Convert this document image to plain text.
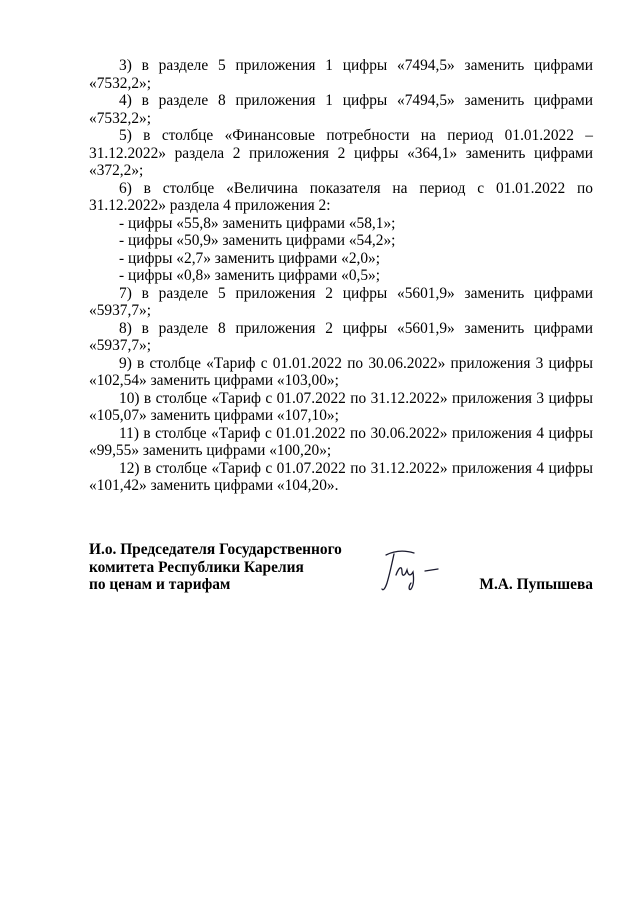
3) в разделе 5 приложения 1 цифры «7494,5» заменить цифрами «7532,2»;

4) в разделе 8 приложения 1 цифры «7494,5» заменить цифрами «7532,2»;

5) в столбце «Финансовые потребности на период 01.01.2022 – 31.12.2022» раздела 2 приложения 2 цифры «364,1» заменить цифрами «372,2»;

6) в столбце «Величина показателя на период с 01.01.2022 по 31.12.2022» раздела 4 приложения 2:

- цифры «55,8» заменить цифрами «58,1»;

- цифры «50,9» заменить цифрами «54,2»;

- цифры «2,7» заменить цифрами «2,0»;

- цифры «0,8» заменить цифрами «0,5»;

7) в разделе 5 приложения 2 цифры «5601,9» заменить цифрами «5937,7»;

8) в разделе 8 приложения 2 цифры «5601,9» заменить цифрами «5937,7»;

9) в столбце «Тариф с 01.01.2022 по 30.06.2022» приложения 3 цифры «102,54» заменить цифрами «103,00»;

10) в столбце «Тариф с 01.07.2022 по 31.12.2022» приложения 3 цифры «105,07» заменить цифрами «107,10»;

11) в столбце «Тариф с 01.01.2022 по 30.06.2022» приложения 4 цифры «99,55» заменить цифрами «100,20»;

12) в столбце «Тариф с 01.07.2022 по 31.12.2022» приложения 4 цифры «101,42» заменить цифрами «104,20».

И.о. Председателя Государственного
комитета Республики Карелия
по ценам и тарифам	М.А. Пупышева
